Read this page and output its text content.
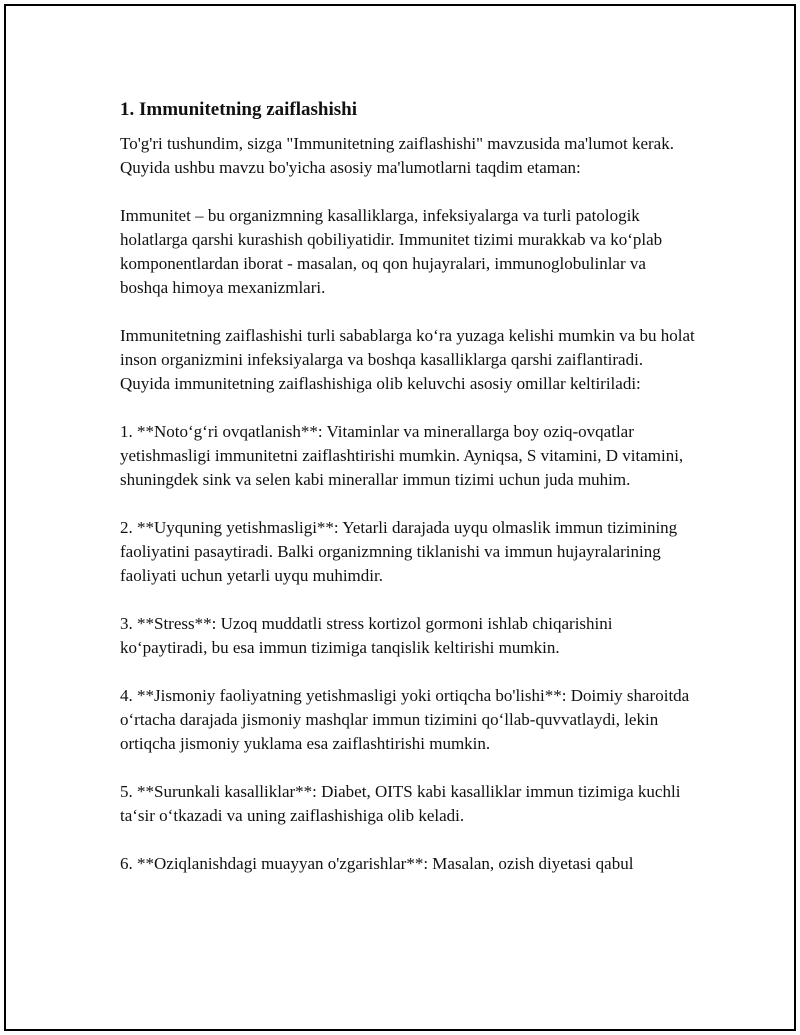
1. Immunitetning zaiflashishi

To'g'ri tushundim, sizga "Immunitetning zaiflashishi" mavzusida ma'lumot kerak. Quyida ushbu mavzu bo'yicha asosiy ma'lumotlarni taqdim etaman:

Immunitet – bu organizmning kasalliklarga, infeksiyalarga va turli patologik holatlarga qarshi kurashish qobiliyatidir. Immunitet tizimi murakkab va koʻplab komponentlardan iborat - masalan, oq qon hujayralari, immunoglobulinlar va boshqa himoya mexanizmlari.

Immunitetning zaiflashishi turli sabablarga koʻra yuzaga kelishi mumkin va bu holat inson organizmini infeksiyalarga va boshqa kasalliklarga qarshi zaiflantiradi. Quyida immunitetning zaiflashishiga olib keluvchi asosiy omillar keltiriladi:

1. **Notoʻgʻri ovqatlanish**: Vitaminlar va minerallarga boy oziq-ovqatlar yetishmasligi immunitetni zaiflashtirishi mumkin. Ayniqsa, S vitamini, D vitamini, shuningdek sink va selen kabi minerallar immun tizimi uchun juda muhim.

2. **Uyquning yetishmasligi**: Yetarli darajada uyqu olmaslik immun tizimining faoliyatini pasaytiradi. Balki organizmning tiklanishi va immun hujayralarining faoliyati uchun yetarli uyqu muhimdir.

3. **Stress**: Uzoq muddatli stress kortizol gormoni ishlab chiqarishini koʻpaytiradi, bu esa immun tizimiga tanqislik keltirishi mumkin.

4. **Jismoniy faoliyatning yetishmasligi yoki ortiqcha bo'lishi**: Doimiy sharoitda oʻrtacha darajada jismoniy mashqlar immun tizimini qoʻllab-quvvatlaydi, lekin ortiqcha jismoniy yuklama esa zaiflashtirishi mumkin.

5. **Surunkali kasalliklar**: Diabet, OITS kabi kasalliklar immun tizimiga kuchli taʻsir oʻtkazadi va uning zaiflashishiga olib keladi.

6. **Oziqlanishdagi muayyan o'zgarishlar**: Masalan, ozish diyetasi qabul
